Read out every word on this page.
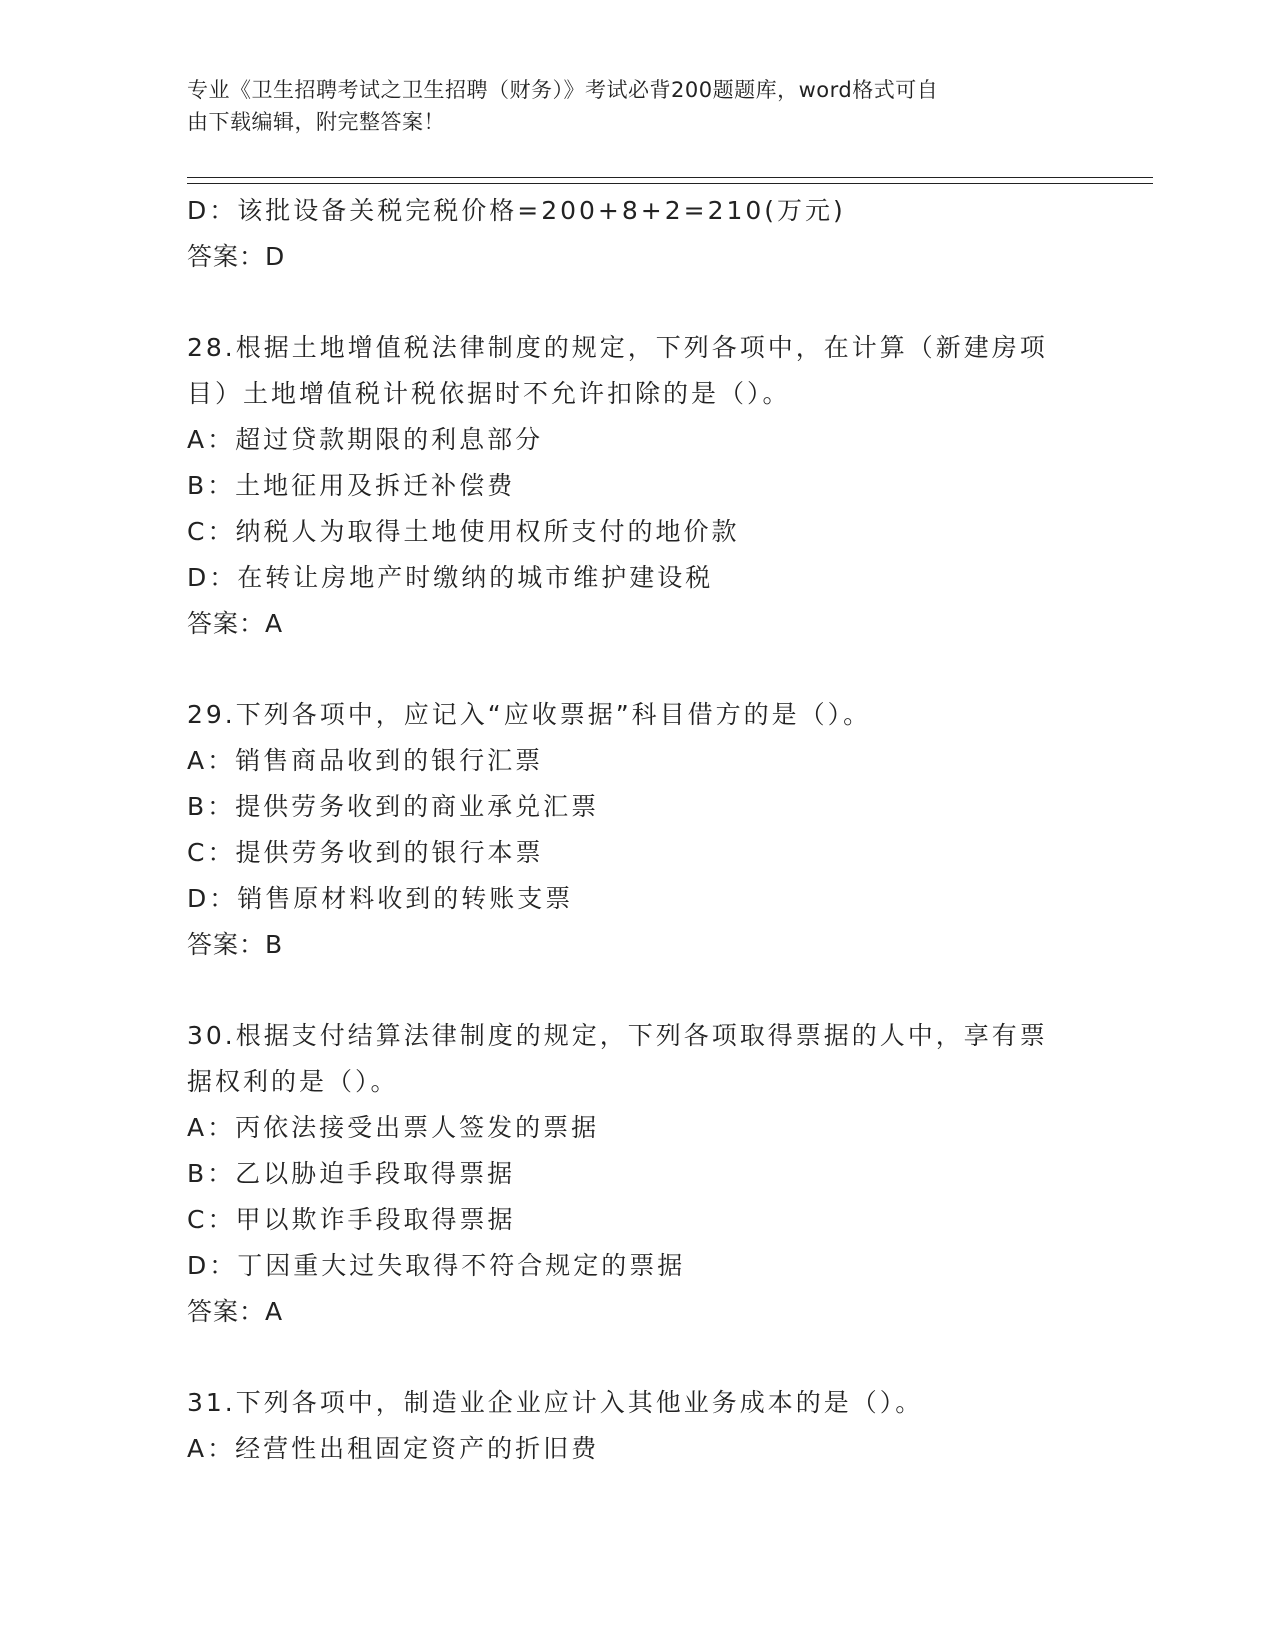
专业《卫生招聘考试之卫生招聘（财务）》考试必背200题题库，word格式可自
由下载编辑，附完整答案！
D：该批设备关税完税价格=200+8+2=210(万元)
答案：D
28.根据土地增值税法律制度的规定，下列各项中，在计算（新建房项
目）土地增值税计税依据时不允许扣除的是（）。
A：超过贷款期限的利息部分
B：土地征用及拆迁补偿费
C：纳税人为取得土地使用权所支付的地价款
D：在转让房地产时缴纳的城市维护建设税
答案：A
29.下列各项中，应记入“应收票据”科目借方的是（）。
A：销售商品收到的银行汇票
B：提供劳务收到的商业承兑汇票
C：提供劳务收到的银行本票
D：销售原材料收到的转账支票
答案：B
30.根据支付结算法律制度的规定，下列各项取得票据的人中，享有票
据权利的是（）。
A：丙依法接受出票人签发的票据
B：乙以胁迫手段取得票据
C：甲以欺诈手段取得票据
D：丁因重大过失取得不符合规定的票据
答案：A
31.下列各项中，制造业企业应计入其他业务成本的是（）。
A：经营性出租固定资产的折旧费
